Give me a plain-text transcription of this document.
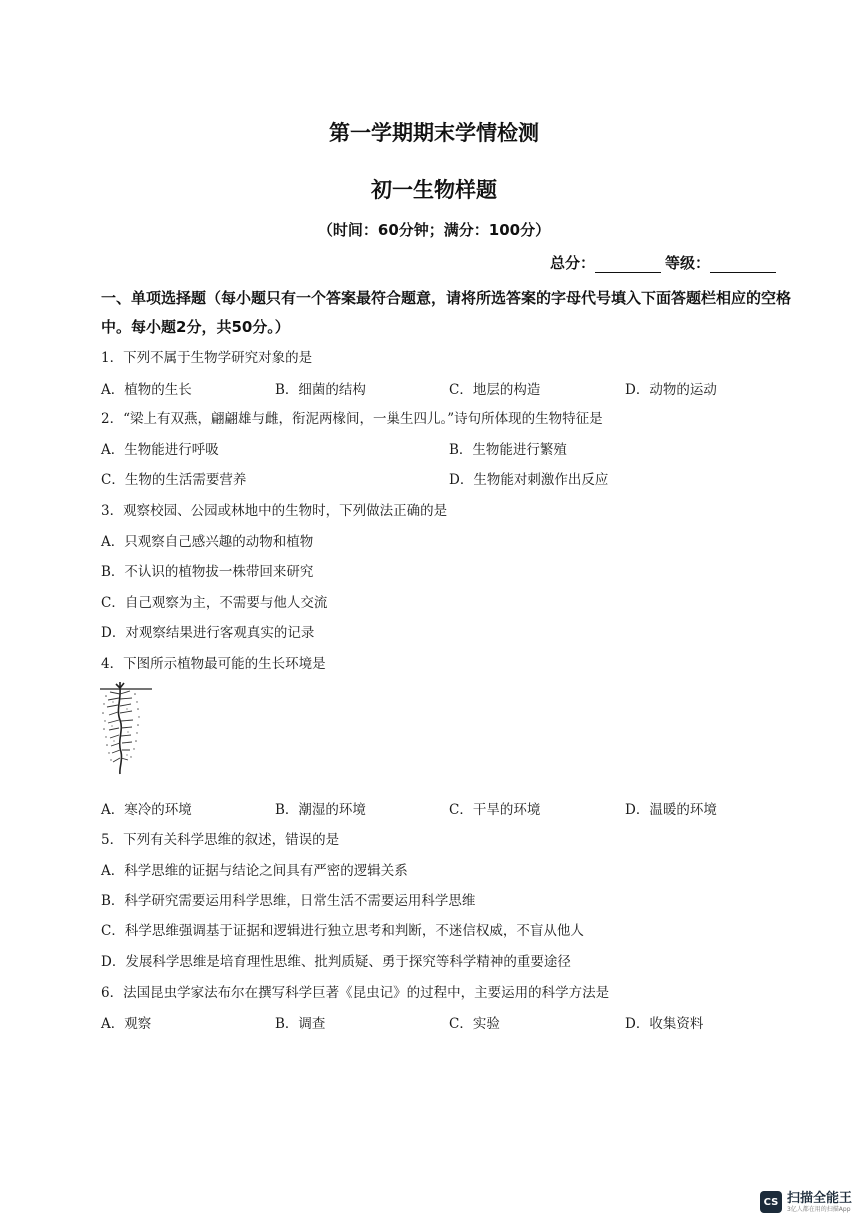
第一学期期末学情检测
初一生物样题
（时间：60分钟；满分：100分）
总分：	等级：
一、单项选择题（每小题只有一个答案最符合题意，请将所选答案的字母代号填入下面答题栏相应的空格中。每小题2分，共50分。）
1．下列不属于生物学研究对象的是
A．植物的生长	B．细菌的结构	C．地层的构造	D．动物的运动
2．“梁上有双燕，翩翩雄与雌，衔泥两椽间，一巢生四儿。”诗句所体现的生物特征是
A．生物能进行呼吸	B．生物能进行繁殖
C．生物的生活需要营养	D．生物能对刺激作出反应
3．观察校园、公园或林地中的生物时，下列做法正确的是
A．只观察自己感兴趣的动物和植物
B．不认识的植物拔一株带回来研究
C．自己观察为主，不需要与他人交流
D．对观察结果进行客观真实的记录
4．下图所示植物最可能的生长环境是
A．寒冷的环境	B．潮湿的环境	C．干旱的环境	D．温暖的环境
5．下列有关科学思维的叙述，错误的是
A．科学思维的证据与结论之间具有严密的逻辑关系
B．科学研究需要运用科学思维，日常生活不需要运用科学思维
C．科学思维强调基于证据和逻辑进行独立思考和判断，不迷信权威，不盲从他人
D．发展科学思维是培育理性思维、批判质疑、勇于探究等科学精神的重要途径
6．法国昆虫学家法布尔在撰写科学巨著《昆虫记》的过程中，主要运用的科学方法是
A．观察	B．调查	C．实验	D．收集资料
CS 扫描全能王
3亿人都在用的扫描App
